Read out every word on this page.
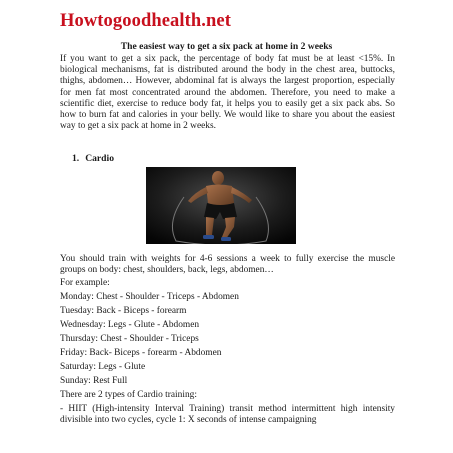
Howtogoodhealth.net
The easiest way to get a six pack at home in 2 weeks

If you want to get a six pack, the percentage of body fat must be at least <15%. In biological mechanisms, fat is distributed around the body in the chest area, buttocks, thighs, abdomen… However, abdominal fat is always the largest proportion, especially for men fat most concentrated around the abdomen. Therefore, you need to make a scientific diet, exercise to reduce body fat, it helps you to easily get a six pack abs. So how to burn fat and calories in your belly. We would like to share you about the easiest way to get a six pack at home in 2 weeks.

1. Cardio

You should train with weights for 4-6 sessions a week to fully exercise the muscle groups on body: chest, shoulders, back, legs, abdomen…

For example:
Monday: Chest - Shoulder - Triceps - Abdomen
Tuesday: Back - Biceps - forearm
Wednesday: Legs - Glute - Abdomen
Thursday: Chest - Shoulder - Triceps
Friday: Back- Biceps - forearm - Abdomen
Saturday: Legs - Glute
Sunday: Rest Full

There are 2 types of Cardio training:

- HIIT (High-intensity Interval Training) transit method intermittent high intensity divisible into two cycles, cycle 1: X seconds of intense campaigning
